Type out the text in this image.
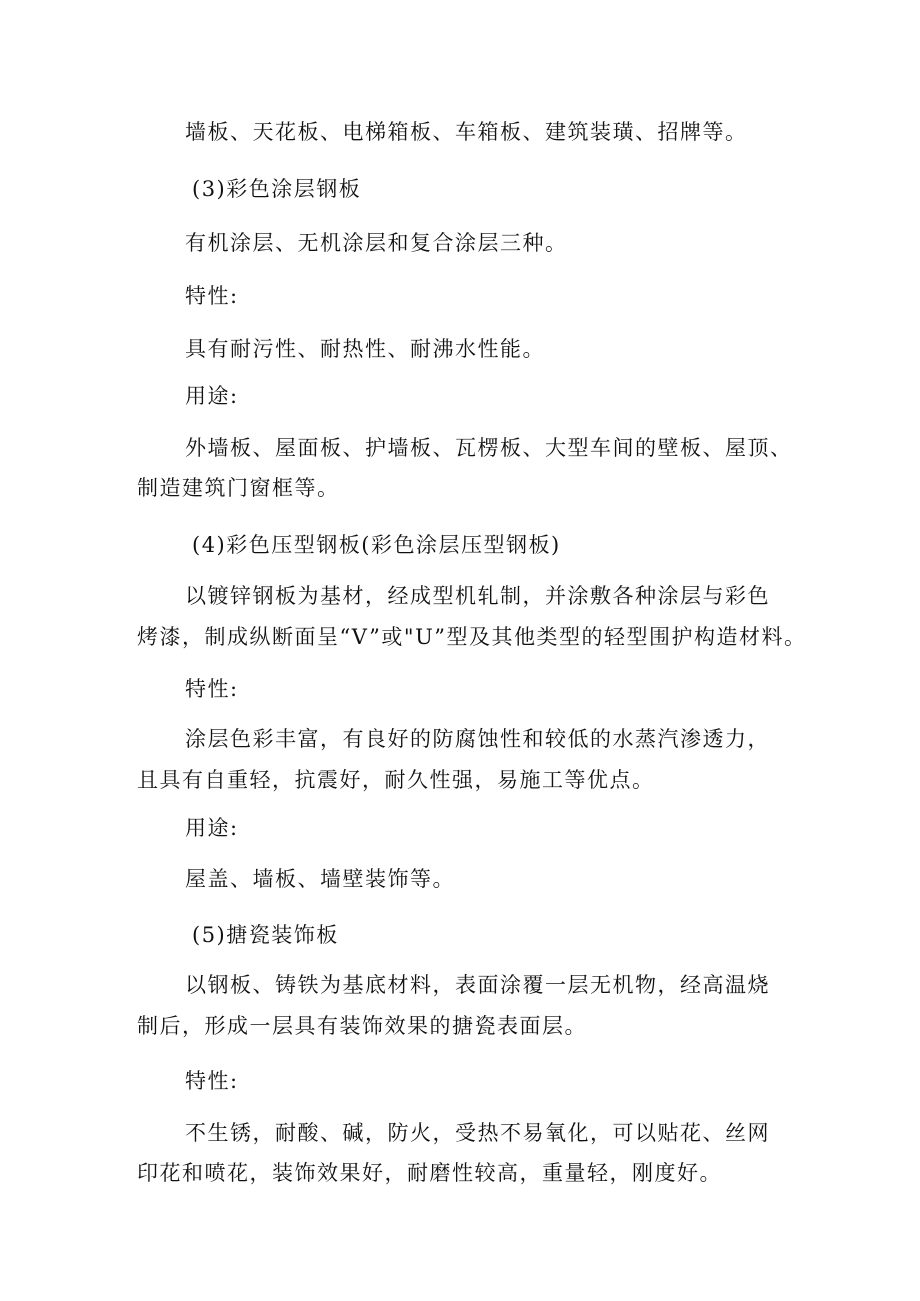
墙板、天花板、电梯箱板、车箱板、建筑装璜、招牌等。
(3)彩色涂层钢板
有机涂层、无机涂层和复合涂层三种。
特性:
具有耐污性、耐热性、耐沸水性能。
用途:
外墙板、屋面板、护墙板、瓦楞板、大型车间的壁板、屋顶、
制造建筑门窗框等。
(4)彩色压型钢板(彩色涂层压型钢板)
以镀锌钢板为基材，经成型机轧制，并涂敷各种涂层与彩色
烤漆，制成纵断面呈“V”或"U”型及其他类型的轻型围护构造材料。
特性:
涂层色彩丰富，有良好的防腐蚀性和较低的水蒸汽渗透力，
且具有自重轻，抗震好，耐久性强，易施工等优点。
用途:
屋盖、墙板、墙壁装饰等。
(5)搪瓷装饰板
以钢板、铸铁为基底材料，表面涂覆一层无机物，经高温烧
制后，形成一层具有装饰效果的搪瓷表面层。
特性:
不生锈，耐酸、碱，防火，受热不易氧化，可以贴花、丝网
印花和喷花，装饰效果好，耐磨性较高，重量轻，刚度好。
